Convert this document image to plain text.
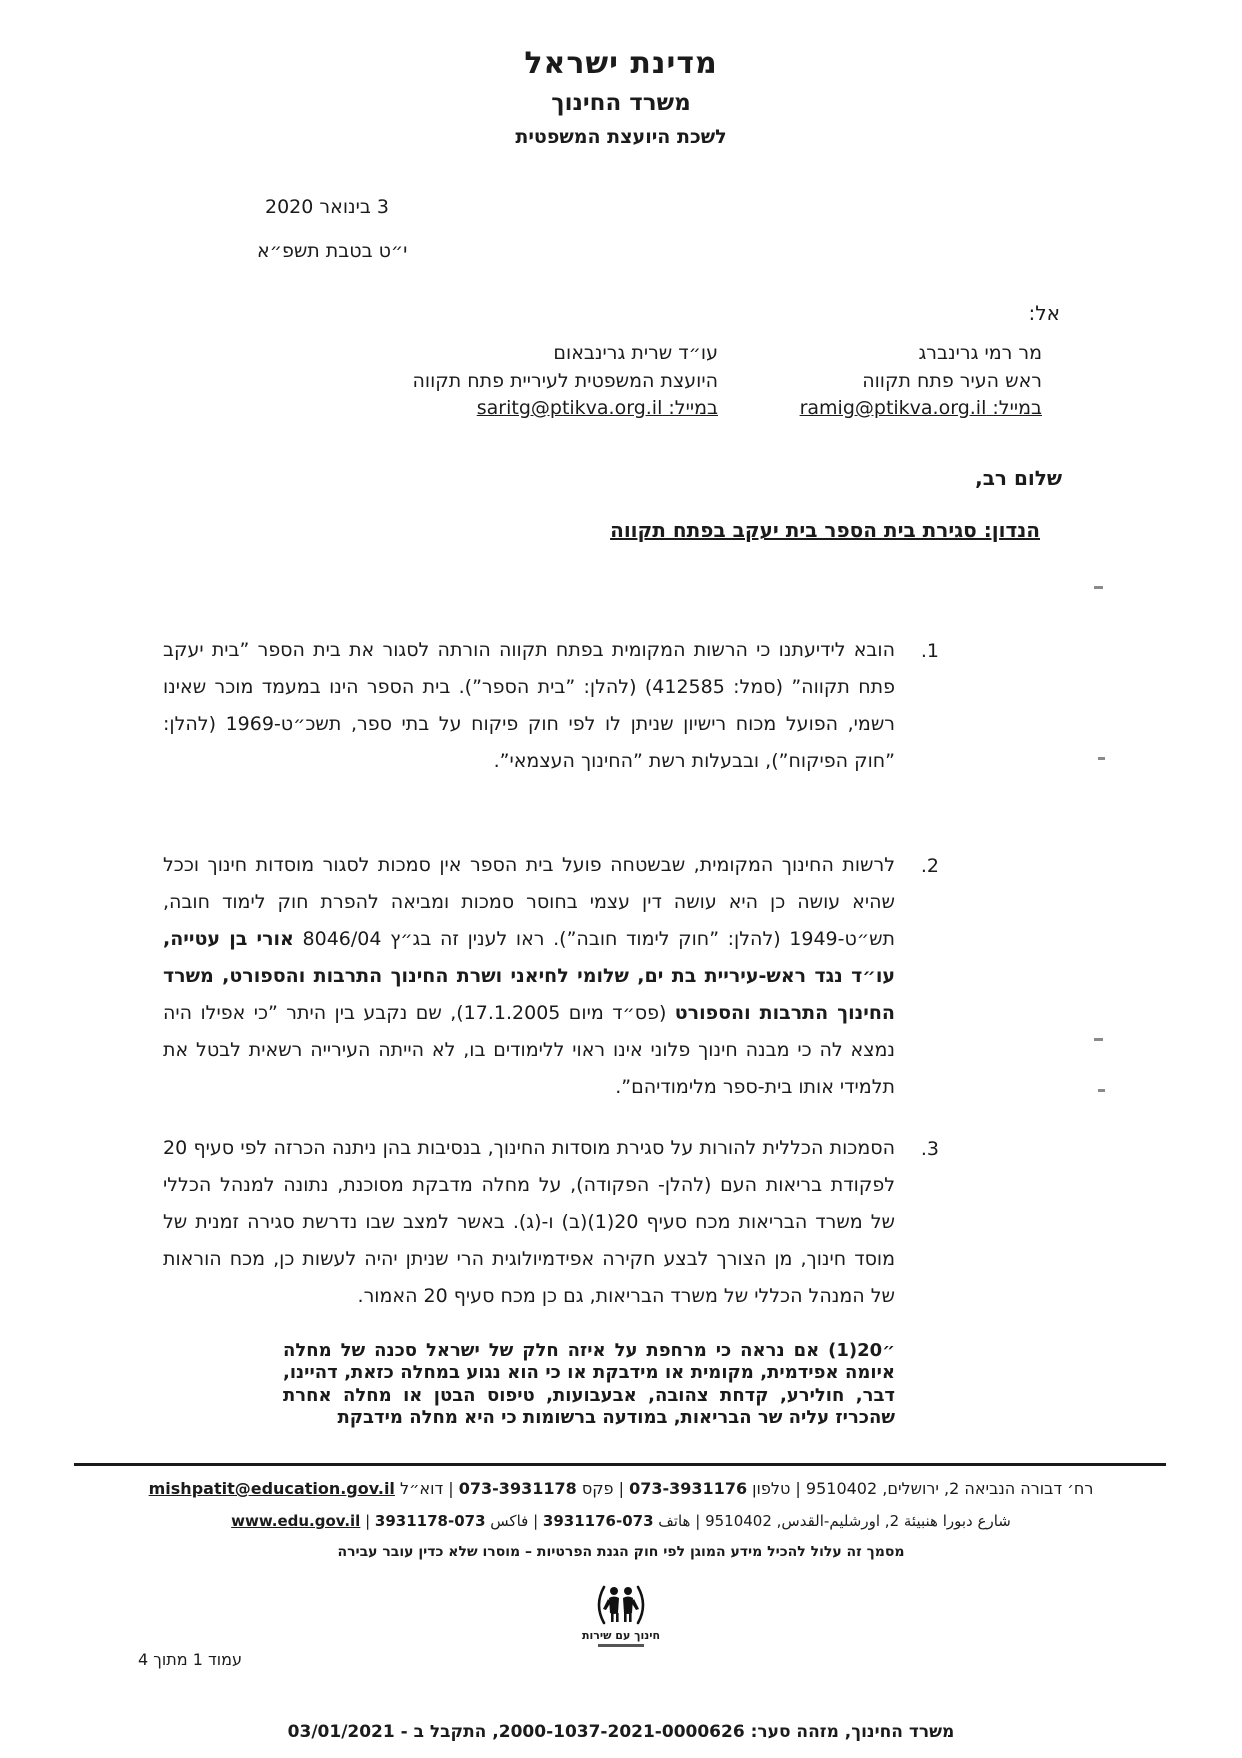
מדינת ישראל
משרד החינוך
לשכת היועצת המשפטית
3 בינואר 2020
י״ט בטבת תשפ״א
אל:
מר רמי גרינברג
ראש העיר פתח תקווה
במייל: ramig@ptikva.org.il
עו״ד שרית גרינבאום
היועצת המשפטית לעיריית פתח תקווה
במייל: saritg@ptikva.org.il
שלום רב,
הנדון: סגירת בית הספר בית יעקב בפתח תקווה
1.
הובא לידיעתנו כי הרשות המקומית בפתח תקווה הורתה לסגור את בית הספר ”בית יעקב פתח תקווה” (סמל: 412585) (להלן: ”בית הספר”). בית הספר הינו במעמד מוכר שאינו רשמי, הפועל מכוח רישיון שניתן לו לפי חוק פיקוח על בתי ספר, תשכ״ט-1969 (להלן: ”חוק הפיקוח”), ובבעלות רשת ”החינוך העצמאי”.
2.
לרשות החינוך המקומית, שבשטחה פועל בית הספר אין סמכות לסגור מוסדות חינוך וככל שהיא עושה כן היא עושה דין עצמי בחוסר סמכות ומביאה להפרת חוק לימוד חובה, תש״ט-1949 (להלן: ”חוק לימוד חובה”). ראו לענין זה בג״ץ 8046/04 אורי בן עטייה, עו״ד נגד ראש-עיריית בת ים, שלומי לחיאני ושרת החינוך התרבות והספורט, משרד החינוך התרבות והספורט (פס״ד מיום 17.1.2005), שם נקבע בין היתר ”כי אפילו היה נמצא לה כי מבנה חינוך פלוני אינו ראוי ללימודים בו, לא הייתה העירייה רשאית לבטל את תלמידי אותו בית-ספר מלימודיהם”.
3.
הסמכות הכללית להורות על סגירת מוסדות החינוך, בנסיבות בהן ניתנה הכרזה לפי סעיף 20 לפקודת בריאות העם (להלן- הפקודה), על מחלה מדבקת מסוכנת, נתונה למנהל הכללי של משרד הבריאות מכח סעיף 20(1)(ב) ו-(ג). באשר למצב שבו נדרשת סגירה זמנית של מוסד חינוך, מן הצורך לבצע חקירה אפידמיולוגית הרי שניתן יהיה לעשות כן, מכח הוראות של המנהל הכללי של משרד הבריאות, גם כן מכח סעיף 20 האמור.
״20(1) אם נראה כי מרחפת על איזה חלק של ישראל סכנה של מחלה איומה אפידמית, מקומית או מידבקת או כי הוא נגוע במחלה כזאת, דהיינו, דבר, חולירע, קדחת צהובה, אבעבועות, טיפוס הבטן או מחלה אחרת שהכריז עליה שר הבריאות, במודעה ברשומות כי היא מחלה מידבקת
רח׳ דבורה הנביאה 2, ירושלים, 9510402 | טלפון 073-3931176 | פקס 073-3931178 | דוא״ל mishpatit@education.gov.il
شارع دبورا هنبيئة 2, اورشليم-القدس, 9510402 | هاتف 073-3931176 | فاكس 073-3931178 | www.edu.gov.il
מסמך זה עלול להכיל מידע המוגן לפי חוק הגנת הפרטיות – מוסרו שלא כדין עובר עבירה
חינוך עם שירות
עמוד 1 מתוך 4
משרד החינוך, מזהה סער: 2000-1037-2021-0000626, התקבל ב - 03/01/2021
